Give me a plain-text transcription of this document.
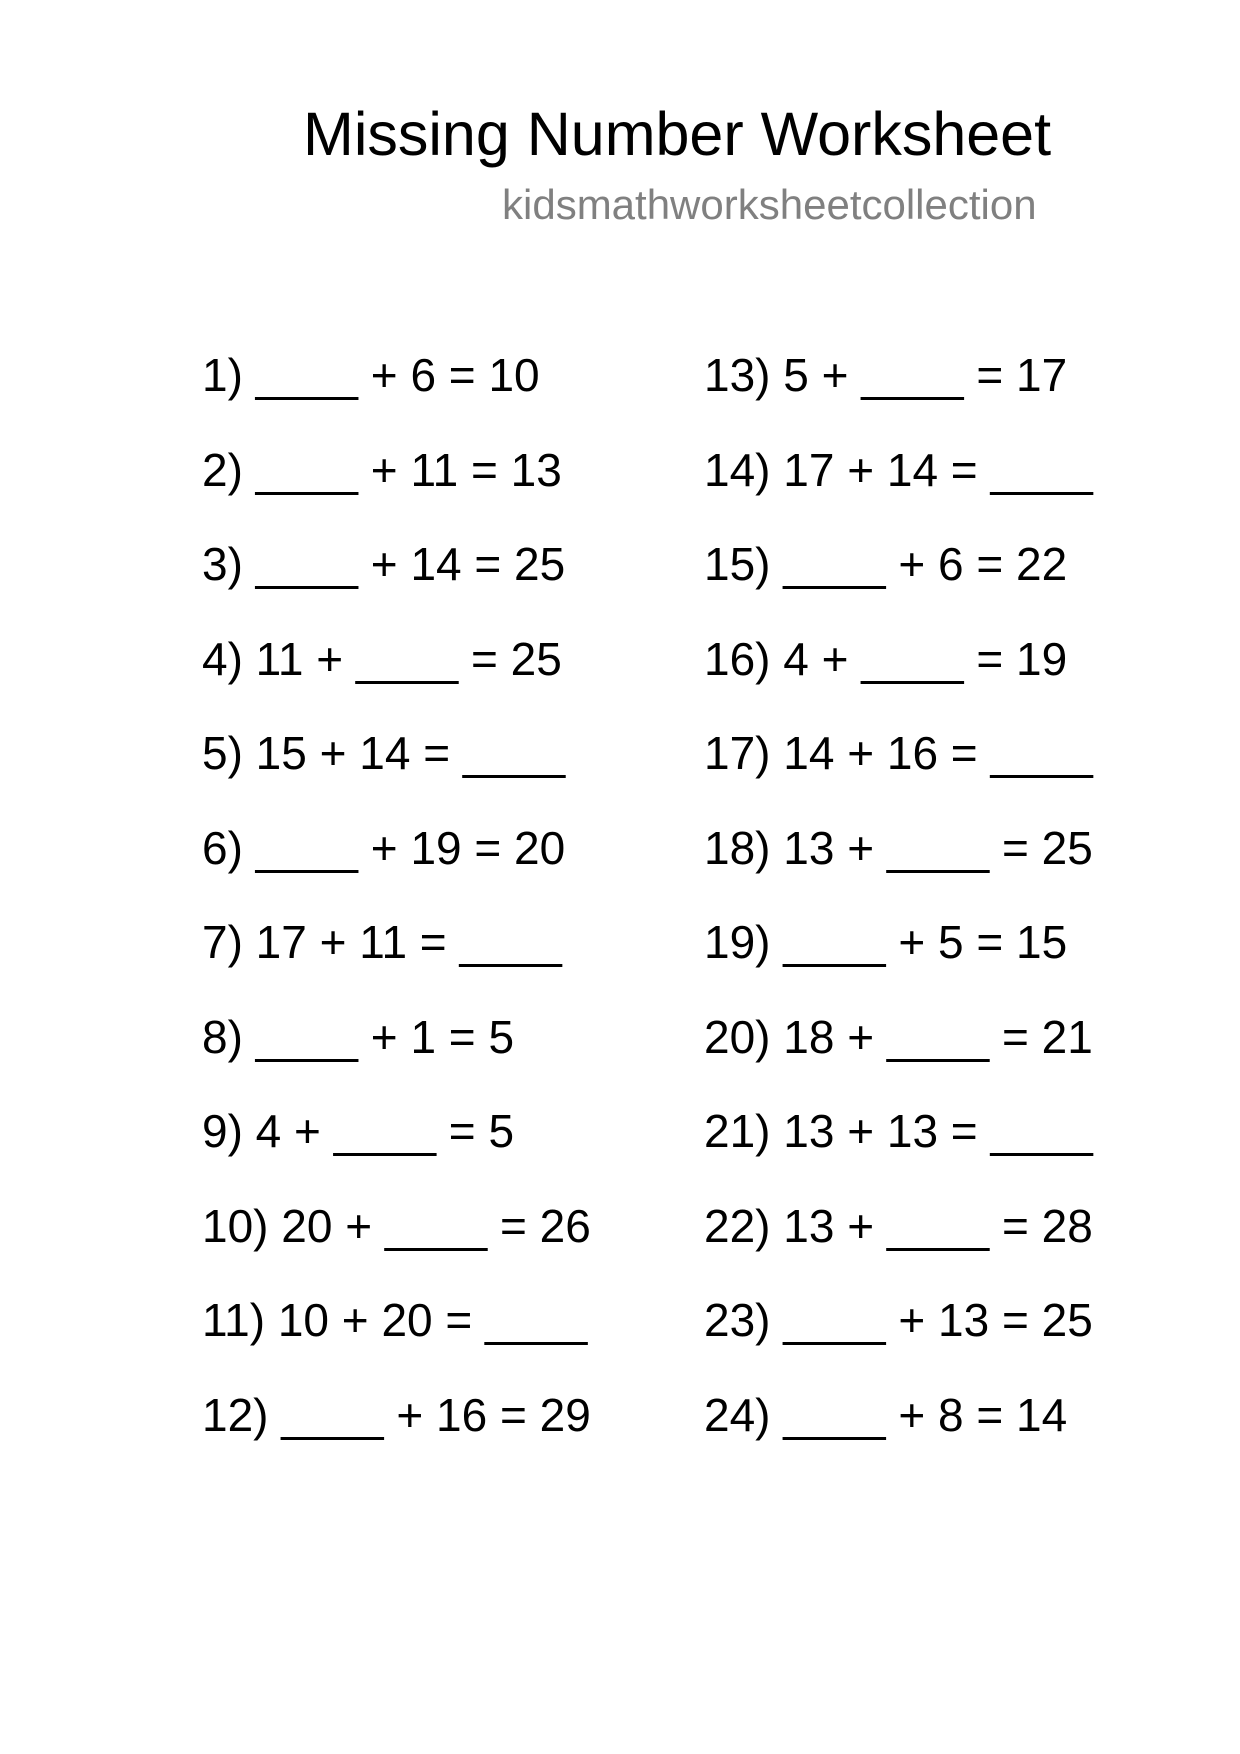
Missing Number Worksheet
kidsmathworksheetcollection
1) ____ + 6 = 10
2) ____ + 11 = 13
3) ____ + 14 = 25
4) 11 + ____ = 25
5) 15 + 14 = ____
6) ____ + 19 = 20
7) 17 + 11 = ____
8) ____ + 1 = 5
9) 4 + ____ = 5
10) 20 + ____ = 26
11) 10 + 20 = ____
12) ____ + 16 = 29
13) 5 + ____ = 17
14) 17 + 14 = ____
15) ____ + 6 = 22
16) 4 + ____ = 19
17) 14 + 16 = ____
18) 13 + ____ = 25
19) ____ + 5 = 15
20) 18 + ____ = 21
21) 13 + 13 = ____
22) 13 + ____ = 28
23) ____ + 13 = 25
24) ____ + 8 = 14
